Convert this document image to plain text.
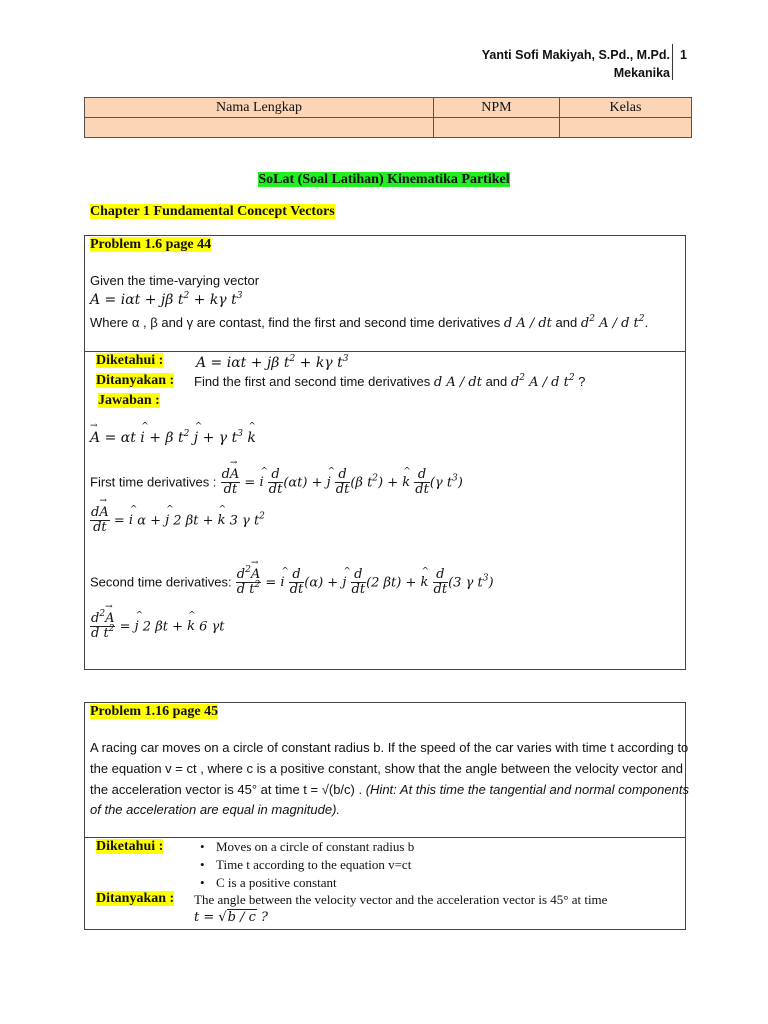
Yanti Sofi Makiyah, S.Pd., M.Pd.
Mekanika
1
Nama Lengkap	NPM	Kelas

SoLat (Soal Latihan) Kinematika Partikel
Chapter 1 Fundamental Concept Vectors
Problem 1.6 page 44
Given the time-varying vector
A = iαt + jβ $t^2 + k\gamma$ $t^3$
Where α , β and γ are contast, find the first and second time derivatives d A / dt and $d^2$ A / d $t^2$.
Diketahui : A = iαt + jβ $t^2 + k\gamma$ $t^3$
Ditanyakan : Find the first and second time derivatives d A / dt and $d^2$ A / d $t^2$ ?
Jawaban :
→ A = αt ^ i + β $t^2$ ^ j + γ $t^3$ ^ k
First time derivatives : $\frac{d\to A}{dt}$ = ^ i $\frac{d}{dt} (\alpha t)$ + ^ j $\frac{d}{dt} (\beta$ $t^2$) + ^ k $\frac{d}{dt} (\gamma$ $t^3$)
$\frac{d\to A}{dt}$ = ^ i α + ^ j 2 βt + ^ k 3 γ $t^2$
Second time derivatives: $\frac{d^2\to A}{d t^2}$ = ^ i $\frac{d}{dt} (\alpha)$ + ^ j $\frac{d}{dt} (2$ βt) + ^ k $\frac{d}{dt} (3$ γ $t^3$)
$\frac{d^2\to A}{d t^2}$ = ^ j 2 βt + ^ k 6 γt
Problem 1.16 page 45
A racing car moves on a circle of constant radius b. If the speed of the car varies with time t according to
the equation v = ct , where c is a positive constant, show that the angle between the velocity vector and
the acceleration vector is 45° at time t = √(b/c) . (Hint: At this time the tangential and normal components
of the acceleration are equal in magnitude).
Diketahui :	• Moves on a circle of constant radius b
• Time t according to the equation v=ct
• C is a positive constant
Ditanyakan : The angle between the velocity vector and the acceleration vector is 45° at time
t = √b / c ?
